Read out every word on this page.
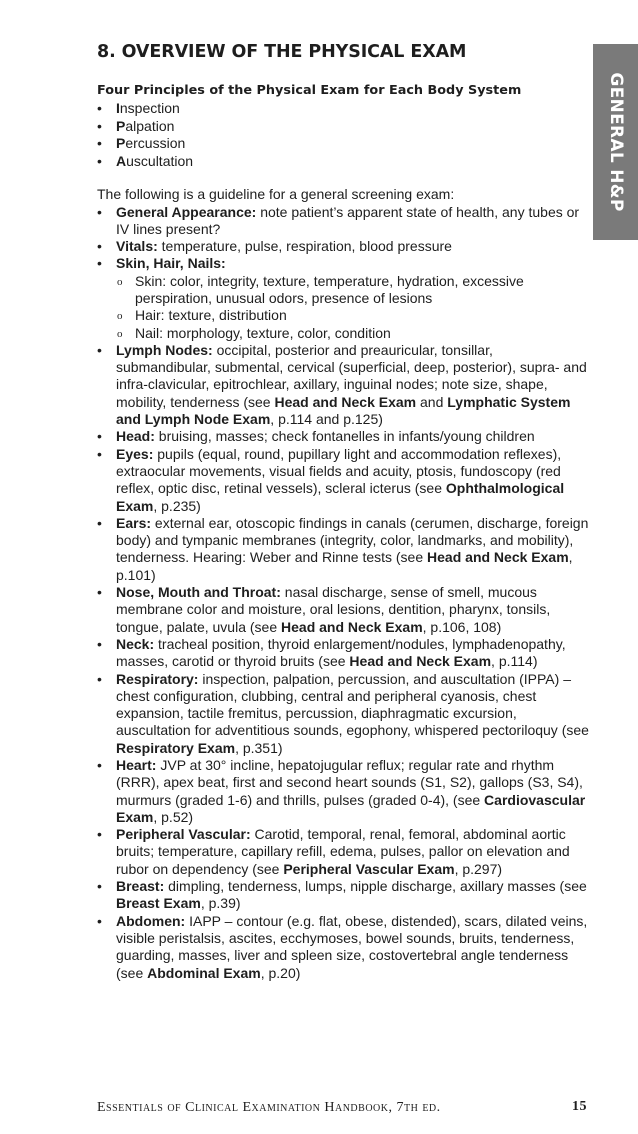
8. OVERVIEW OF THE PHYSICAL EXAM
GENERAL H&P
Four Principles of the Physical Exam for Each Body System
• Inspection
• Palpation
• Percussion
• Auscultation

The following is a guideline for a general screening exam:

• General Appearance: note patient’s apparent state of health, any tubes or IV lines present?
• Vitals: temperature, pulse, respiration, blood pressure
• Skin, Hair, Nails:
o Skin: color, integrity, texture, temperature, hydration, excessive perspiration, unusual odors, presence of lesions
o Hair: texture, distribution
o Nail: morphology, texture, color, condition
• Lymph Nodes: occipital, posterior and preauricular, tonsillar, submandibular, submental, cervical (superficial, deep, posterior), supra- and infra-clavicular, epitrochlear, axillary, inguinal nodes; note size, shape, mobility, tenderness (see Head and Neck Exam and Lymphatic System and Lymph Node Exam, p.114 and p.125)
• Head: bruising, masses; check fontanelles in infants/young children
• Eyes: pupils (equal, round, pupillary light and accommodation reflexes), extraocular movements, visual fields and acuity, ptosis, fundoscopy (red reflex, optic disc, retinal vessels), scleral icterus (see Ophthalmological Exam, p.235)
• Ears: external ear, otoscopic findings in canals (cerumen, discharge, foreign body) and tympanic membranes (integrity, color, landmarks, and mobility), tenderness. Hearing: Weber and Rinne tests (see Head and Neck Exam, p.101)
• Nose, Mouth and Throat: nasal discharge, sense of smell, mucous membrane color and moisture, oral lesions, dentition, pharynx, tonsils, tongue, palate, uvula (see Head and Neck Exam, p.106, 108)
• Neck: tracheal position, thyroid enlargement/nodules, lymphadenopathy, masses, carotid or thyroid bruits (see Head and Neck Exam, p.114)
• Respiratory: inspection, palpation, percussion, and auscultation (IPPA) – chest configuration, clubbing, central and peripheral cyanosis, chest expansion, tactile fremitus, percussion, diaphragmatic excursion, auscultation for adventitious sounds, egophony, whispered pectoriloquy (see Respiratory Exam, p.351)
• Heart: JVP at 30° incline, hepatojugular reflux; regular rate and rhythm (RRR), apex beat, first and second heart sounds (S1, S2), gallops (S3, S4), murmurs (graded 1-6) and thrills, pulses (graded 0-4), (see Cardiovascular Exam, p.52)
• Peripheral Vascular: Carotid, temporal, renal, femoral, abdominal aortic bruits; temperature, capillary refill, edema, pulses, pallor on elevation and rubor on dependency (see Peripheral Vascular Exam, p.297)
• Breast: dimpling, tenderness, lumps, nipple discharge, axillary masses (see Breast Exam, p.39)
• Abdomen: IAPP – contour (e.g. flat, obese, distended), scars, dilated veins, visible peristalsis, ascites, ecchymoses, bowel sounds, bruits, tenderness, guarding, masses, liver and spleen size, costovertebral angle tenderness (see Abdominal Exam, p.20)
Essentials of Clinical Examination Handbook, 7th ed.	15
